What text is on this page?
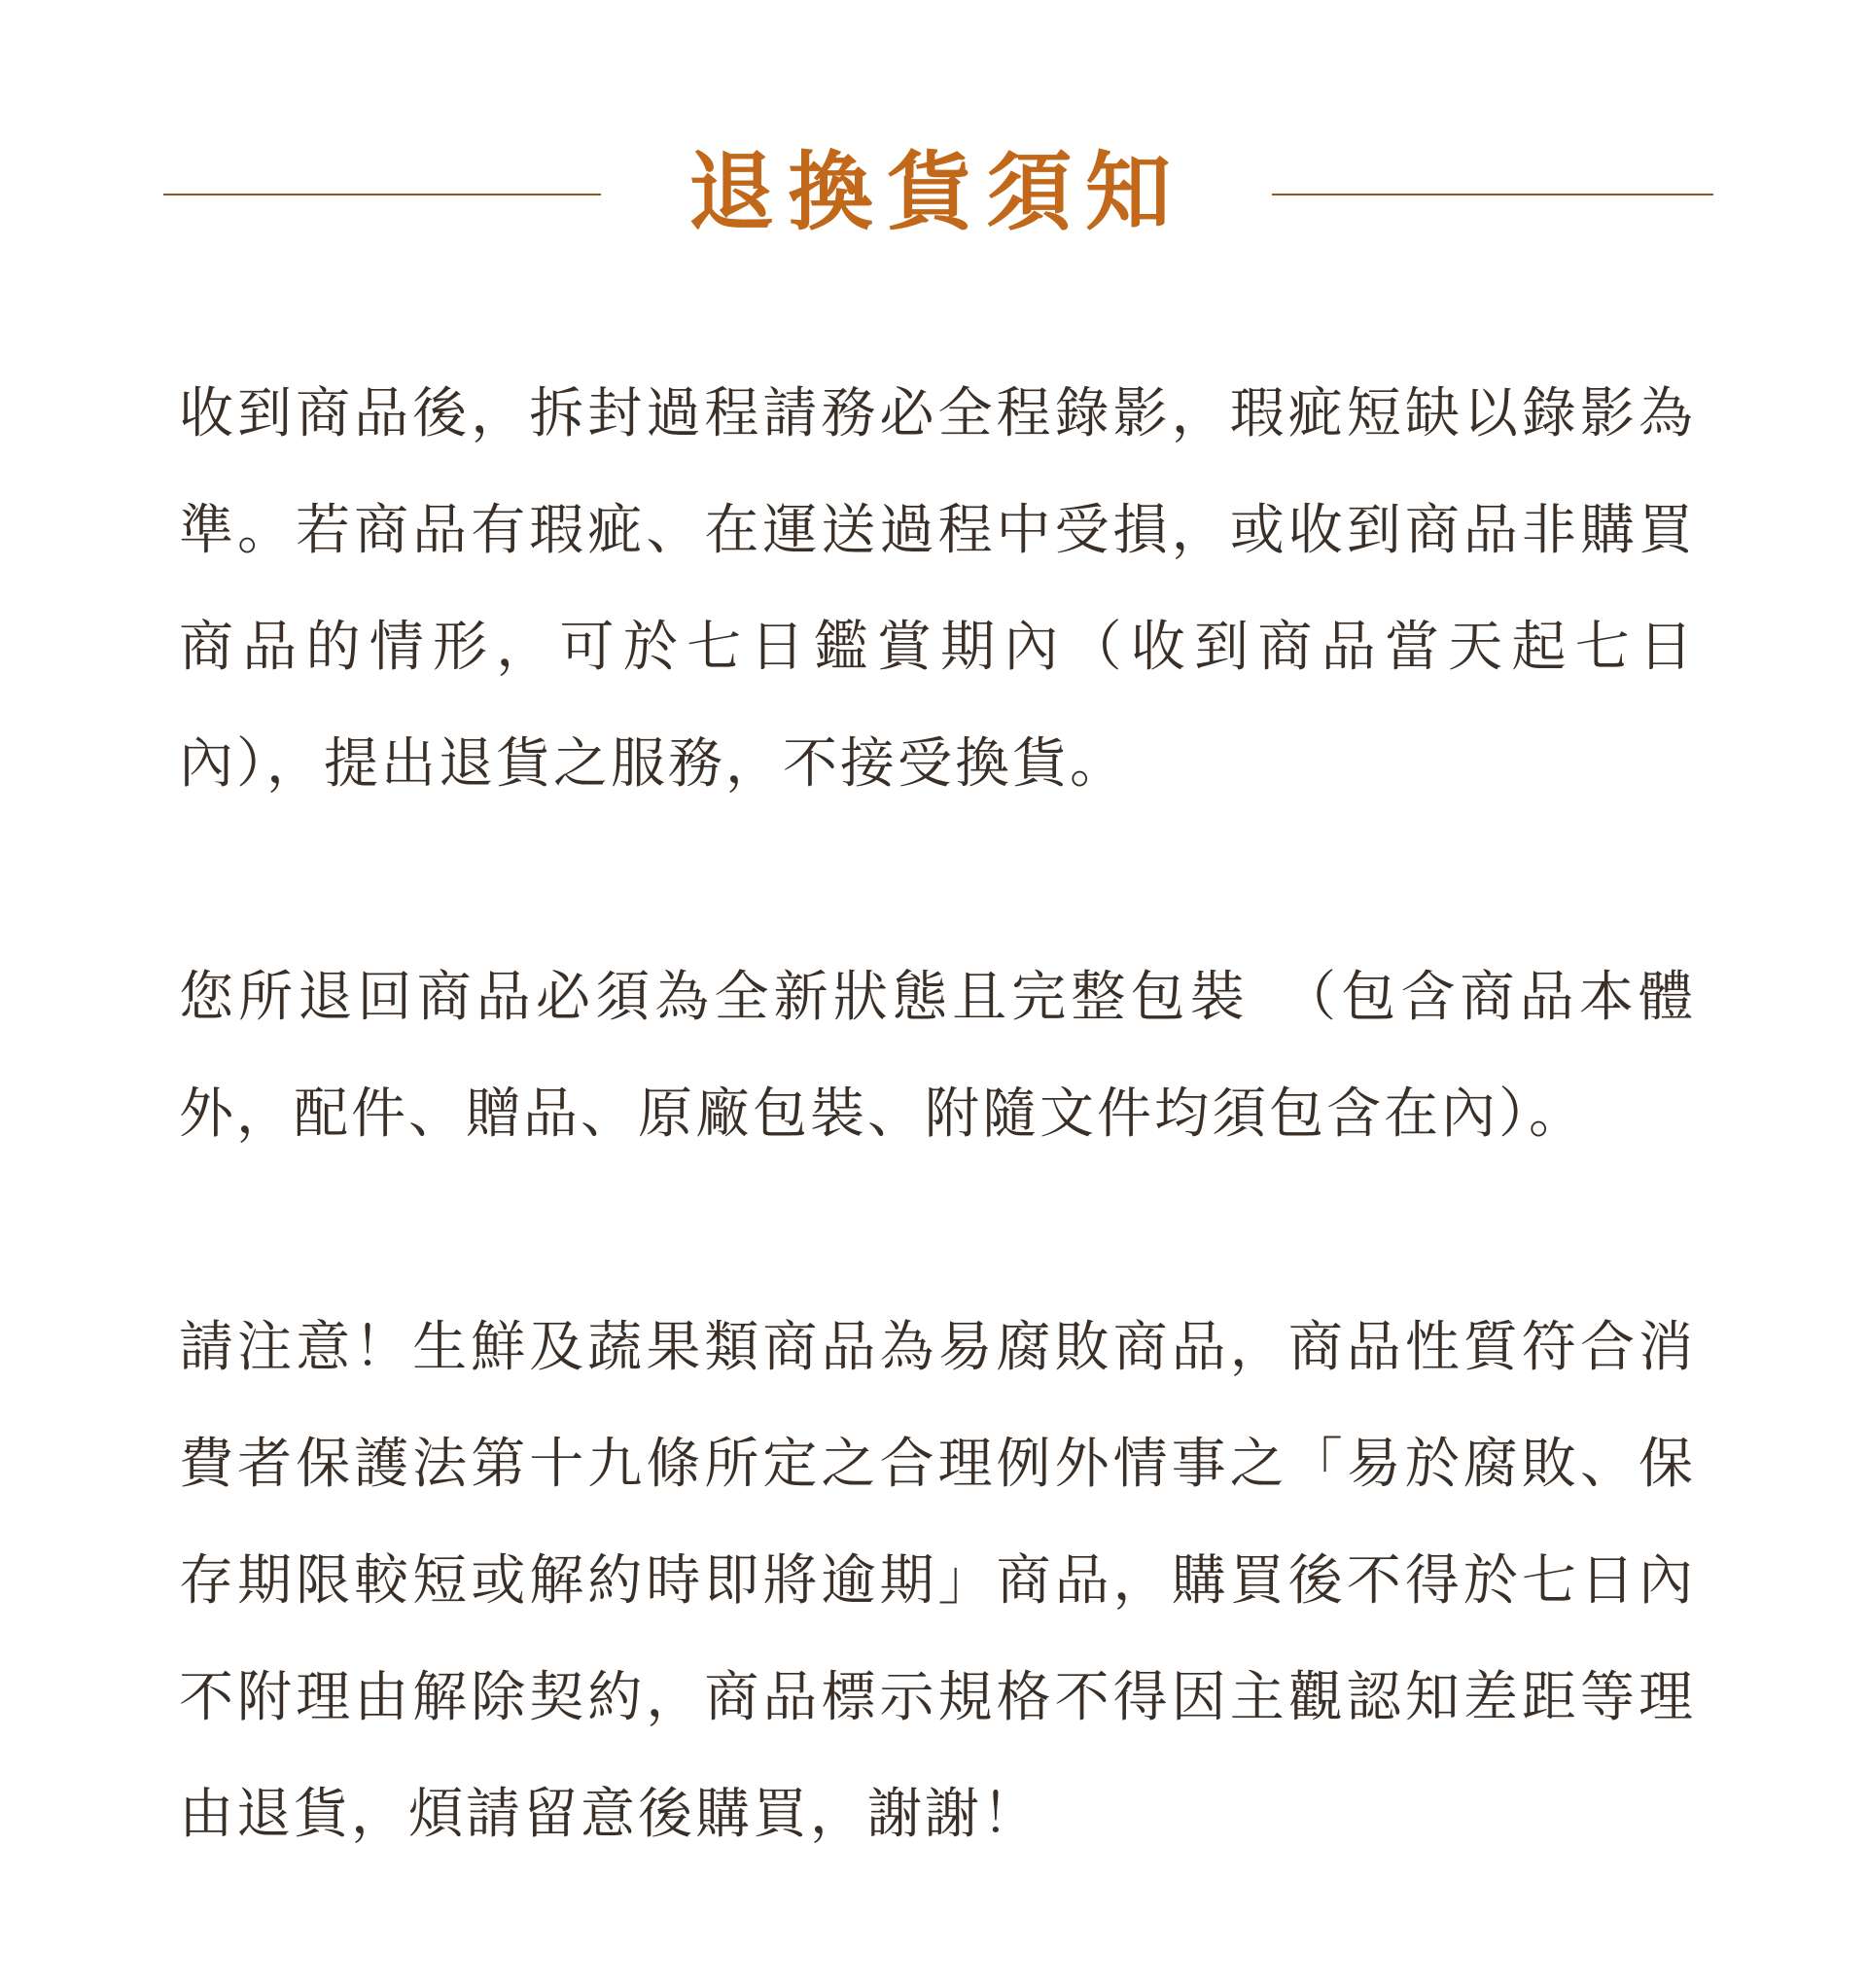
退換貨須知

收到商品後，拆封過程請務必全程錄影，瑕疵短缺以錄影為準。若商品有瑕疵、在運送過程中受損，或收到商品非購買商品的情形，可於七日鑑賞期內（收到商品當天起七日內），提出退貨之服務，不接受換貨。

您所退回商品必須為全新狀態且完整包裝　（包含商品本體外，配件、贈品、原廠包裝、附隨文件均須包含在內）。

請注意！生鮮及蔬果類商品為易腐敗商品，商品性質符合消費者保護法第十九條所定之合理例外情事之「易於腐敗、保存期限較短或解約時即將逾期」商品，購買後不得於七日內不附理由解除契約，商品標示規格不得因主觀認知差距等理由退貨，煩請留意後購買，謝謝！
